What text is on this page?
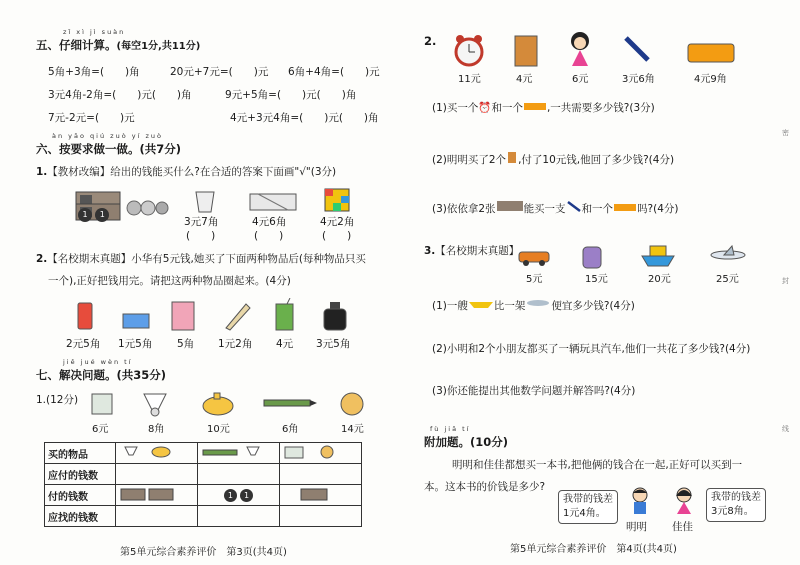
zǐ xì jì suàn
五、仔细计算。(每空1分,共11分)
5角+3角=(　　)角	20元+7元=(　　)元 6角+4角=(　　)元
3元4角-2角=(　　)元(　　)角	9元+5角=(　　)元(　　)角
7元-2元=(　　)元	4元+3元4角=(　　)元(　　)角
àn yāo qiú zuò yí zuò
六、按要求做一做。(共7分)
1.【教材改编】给出的钱能买什么?在合适的答案下面画"√"(3分)
1 1
3元7角
(　　)
4元6角
(　　)
4元2角
(　　)
2.【名校期末真题】小华有5元钱,她买了下面两种物品后(每种物品只买
一个),正好把钱用完。请把这两种物品圈起来。(4分)
2元5角 1元5角 5角 1元2角 4元 3元5角
jiě jué wèn tí
七、解决问题。(共35分)
1.(12分)
6元	8角	10元	6角	14元
买的物品			
应付的钱数			
付的钱数		1 1	
应找的钱数			
第5单元综合素养评价　第3页(共4页)
2.
11元	4元	6元	3元6角	4元9角
(1)买一个⏰和一个 ,一共需要多少钱?(3分)
(2)明明买了2个 ,付了10元钱,他回了多少钱?(4分)
(3)依依拿2张	能买一支 和一个 吗?(4分)
3.【名校期末真题】
5元	15元	20元	25元
(1)一艘 比一架 便宜多少钱?(4分)
(2)小明和2个小朋友都买了一辆玩具汽车,他们一共花了多少钱?(4分)
(3)你还能提出其他数学问题并解答吗?(4分)
fù jiā tí
附加题。(10分)
明明和佳佳都想买一本书,把他俩的钱合在一起,正好可以买到一
本。这本书的价钱是多少?
我带的钱差
1元4角。
明明 佳佳
我带的钱差
3元8角。
第5单元综合素养评价　第4页(共4页)
密
封
线
